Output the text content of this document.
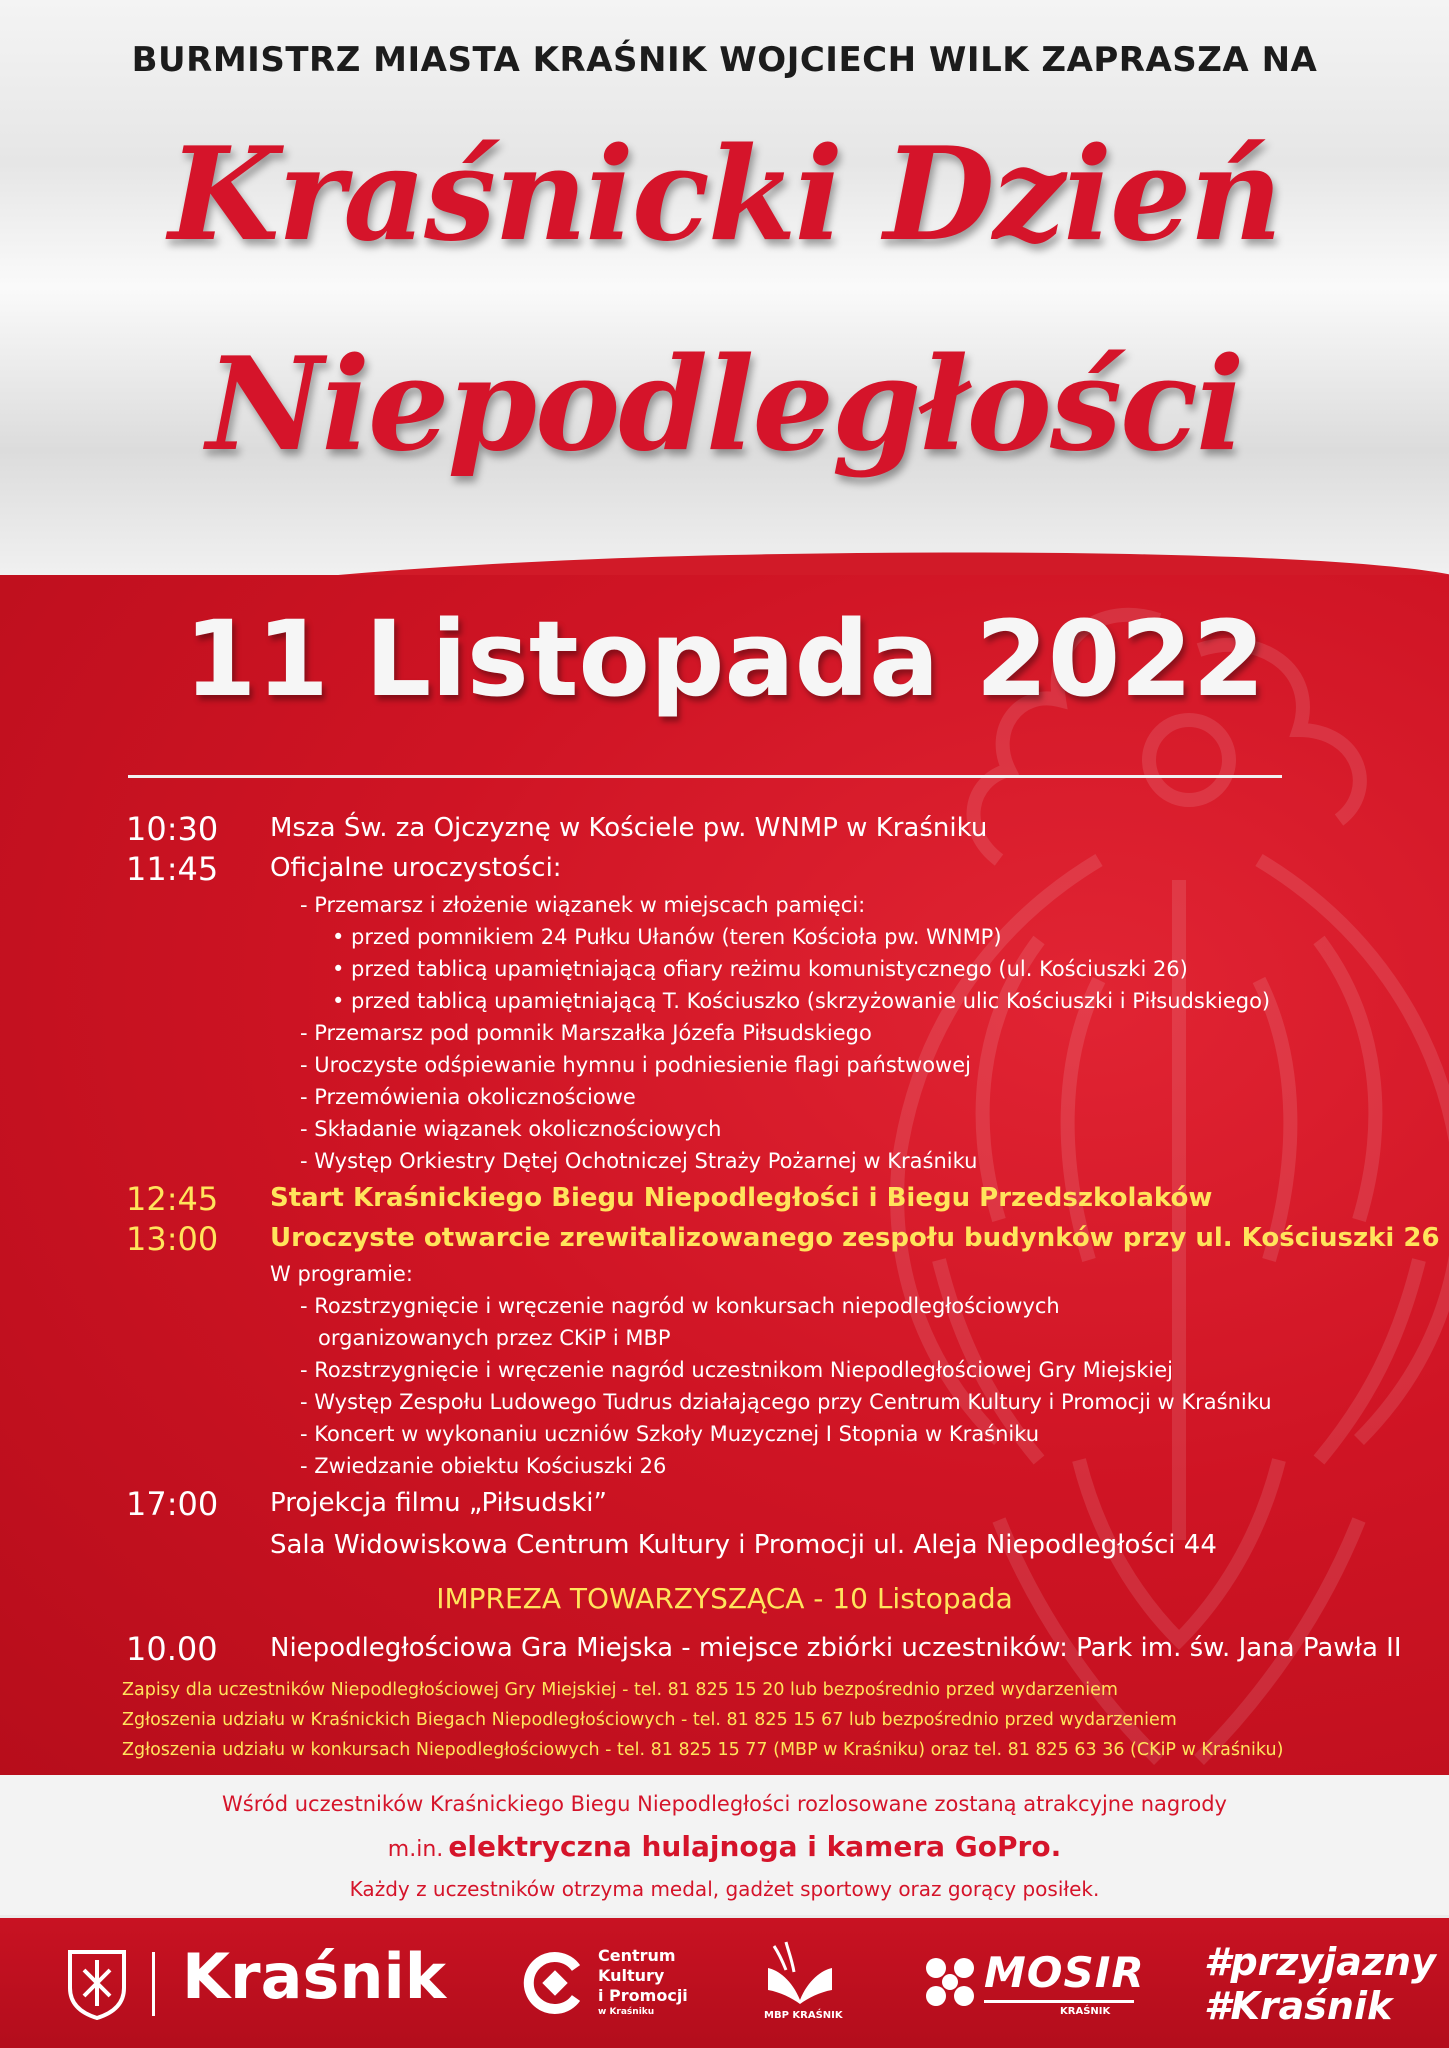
BURMISTRZ MIASTA KRAŚNIK WOJCIECH WILK ZAPRASZA NA
Kraśnicki Dzień
Niepodległości
11 Listopada 2022
10:30 Msza Św. za Ojczyznę w Kościele pw. WNMP w Kraśniku
11:45 Oficjalne uroczystości:
- Przemarsz i złożenie wiązanek w miejscach pamięci:
• przed pomnikiem 24 Pułku Ułanów (teren Kościoła pw. WNMP)
• przed tablicą upamiętniającą ofiary reżimu komunistycznego (ul. Kościuszki 26)
• przed tablicą upamiętniającą T. Kościuszko (skrzyżowanie ulic Kościuszki i Piłsudskiego)
- Przemarsz pod pomnik Marszałka Józefa Piłsudskiego
- Uroczyste odśpiewanie hymnu i podniesienie flagi państwowej
- Przemówienia okolicznościowe
- Składanie wiązanek okolicznościowych
- Występ Orkiestry Dętej Ochotniczej Straży Pożarnej w Kraśniku
12:45 Start Kraśnickiego Biegu Niepodległości i Biegu Przedszkolaków
13:00 Uroczyste otwarcie zrewitalizowanego zespołu budynków przy ul. Kościuszki 26
W programie:
- Rozstrzygnięcie i wręczenie nagród w konkursach niepodległościowych
organizowanych przez CKiP i MBP
- Rozstrzygnięcie i wręczenie nagród uczestnikom Niepodległościowej Gry Miejskiej
- Występ Zespołu Ludowego Tudrus działającego przy Centrum Kultury i Promocji w Kraśniku
- Koncert w wykonaniu uczniów Szkoły Muzycznej I Stopnia w Kraśniku
- Zwiedzanie obiektu Kościuszki 26
17:00 Projekcja filmu „Piłsudski”
Sala Widowiskowa Centrum Kultury i Promocji ul. Aleja Niepodległości 44
IMPREZA TOWARZYSZĄCA - 10 Listopada
10.00 Niepodległościowa Gra Miejska - miejsce zbiórki uczestników: Park im. św. Jana Pawła II
Zapisy dla uczestników Niepodległościowej Gry Miejskiej - tel. 81 825 15 20 lub bezpośrednio przed wydarzeniem
Zgłoszenia udziału w Kraśnickich Biegach Niepodległościowych - tel. 81 825 15 67 lub bezpośrednio przed wydarzeniem
Zgłoszenia udziału w konkursach Niepodległościowych - tel. 81 825 15 77 (MBP w Kraśniku) oraz tel. 81 825 63 36 (CKiP w Kraśniku)
Wśród uczestników Kraśnickiego Biegu Niepodległości rozlosowane zostaną atrakcyjne nagrody
m.in. elektryczna hulajnoga i kamera GoPro.
Każdy z uczestników otrzyma medal, gadżet sportowy oraz gorący posiłek.
Kraśnik	Centrum
Kultury
i Promocji
w Kraśniku	MBP KRAŚNIK
MOSIR
KRAŚNIK
#przyjazny
#Kraśnik
